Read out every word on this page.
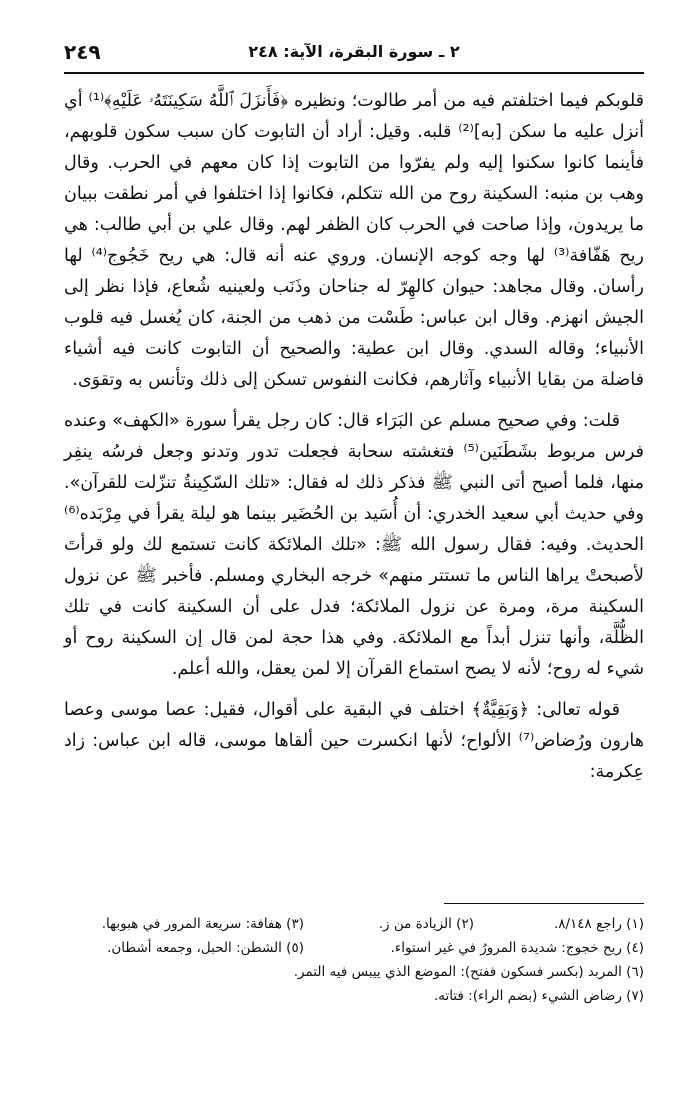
٢٤٩	٢ ـ سورة البقرة، الآية: ٢٤٨

قلوبكم فيما اختلفتم فيه من أمر طالوت؛ ونظيره ﴿فَأَنزَلَ ٱللَّهُ سَكِينَتَهُۥ عَلَيْهِ﴾⁽¹⁾ أي أنزل عليه ما سكن [به]⁽²⁾ قلبه. وقيل: أراد أن التابوت كان سبب سكون قلوبهم، فأينما كانوا سكنوا إليه ولم يفرّوا من التابوت إذا كان معهم في الحرب. وقال وهب بن منبه: السكينة روح من الله تتكلم، فكانوا إذا اختلفوا في أمر نطقت ببيان ما يريدون، وإذا صاحت في الحرب كان الظفر لهم. وقال علي بن أبي طالب: هي ريح هَفّافة⁽³⁾ لها وجه كوجه الإنسان. وروي عنه أنه قال: هي ريح خَجُوج⁽⁴⁾ لها رأسان. وقال مجاهد: حيوان كالهِرّ له جناحان وذَنَب ولعينيه شُعاع، فإذا نظر إلى الجيش انهزم. وقال ابن عباس: طَسْت من ذهب من الجنة، كان يُغسل فيه قلوب الأنبياء؛ وقاله السدي. وقال ابن عطية: والصحيح أن التابوت كانت فيه أشياء فاضلة من بقايا الأنبياء وآثارهم، فكانت النفوس تسكن إلى ذلك وتأنس به وتقوَى.

قلت: وفي صحيح مسلم عن البَرَاء قال: كان رجل يقرأ سورة «الكهف» وعنده فرس مربوط بشَطَنَين⁽⁵⁾ فتغشته سحابة فجعلت تدور وتدنو وجعل فرسُه ينفِر منها، فلما أصبح أتى النبي ﷺ فذكر ذلك له فقال: «تلك السّكِينةُ تنزّلت للقرآن». وفي حديث أبي سعيد الخدري: أن أُسَيد بن الحُضَير بينما هو ليلة يقرأ في مِرْبَده⁽⁶⁾ الحديث. وفيه: فقال رسول الله ﷺ: «تلك الملائكة كانت تستمع لك ولو قرأتَ لأصبحتْ يراها الناس ما تستتر منهم» خرجه البخاري ومسلم. فأخبر ﷺ عن نزول السكينة مرة، ومرة عن نزول الملائكة؛ فدل على أن السكينة كانت في تلك الظُّلَّة، وأنها تنزل أبداً مع الملائكة. وفي هذا حجة لمن قال إن السكينة روح أو شيء له روح؛ لأنه لا يصح استماع القرآن إلا لمن يعقل، والله أعلم.

قوله تعالى: ﴿وَبَقِيَّةٌ﴾ اختلف في البقية على أقوال، فقيل: عصا موسى وعصا هارون ورُضاض⁽⁷⁾ الألواح؛ لأنها انكسرت حين ألقاها موسى، قاله ابن عباس: زاد عِكرمة:

(١) راجع ٨/١٤٨.
(٢) الزيادة من ز.
(٣) هفافة: سريعة المرور في هبوبها.
(٤) ريح خجوج: شديدة المرورُ في غير استواء.
(٥) الشطن: الحبل، وجمعه أشطان.
(٦) المربد (بكسر فسكون ففتح): الموضع الذي ييبس فيه التمر.
(٧) رضاض الشيء (بضم الراء): فتاته.
